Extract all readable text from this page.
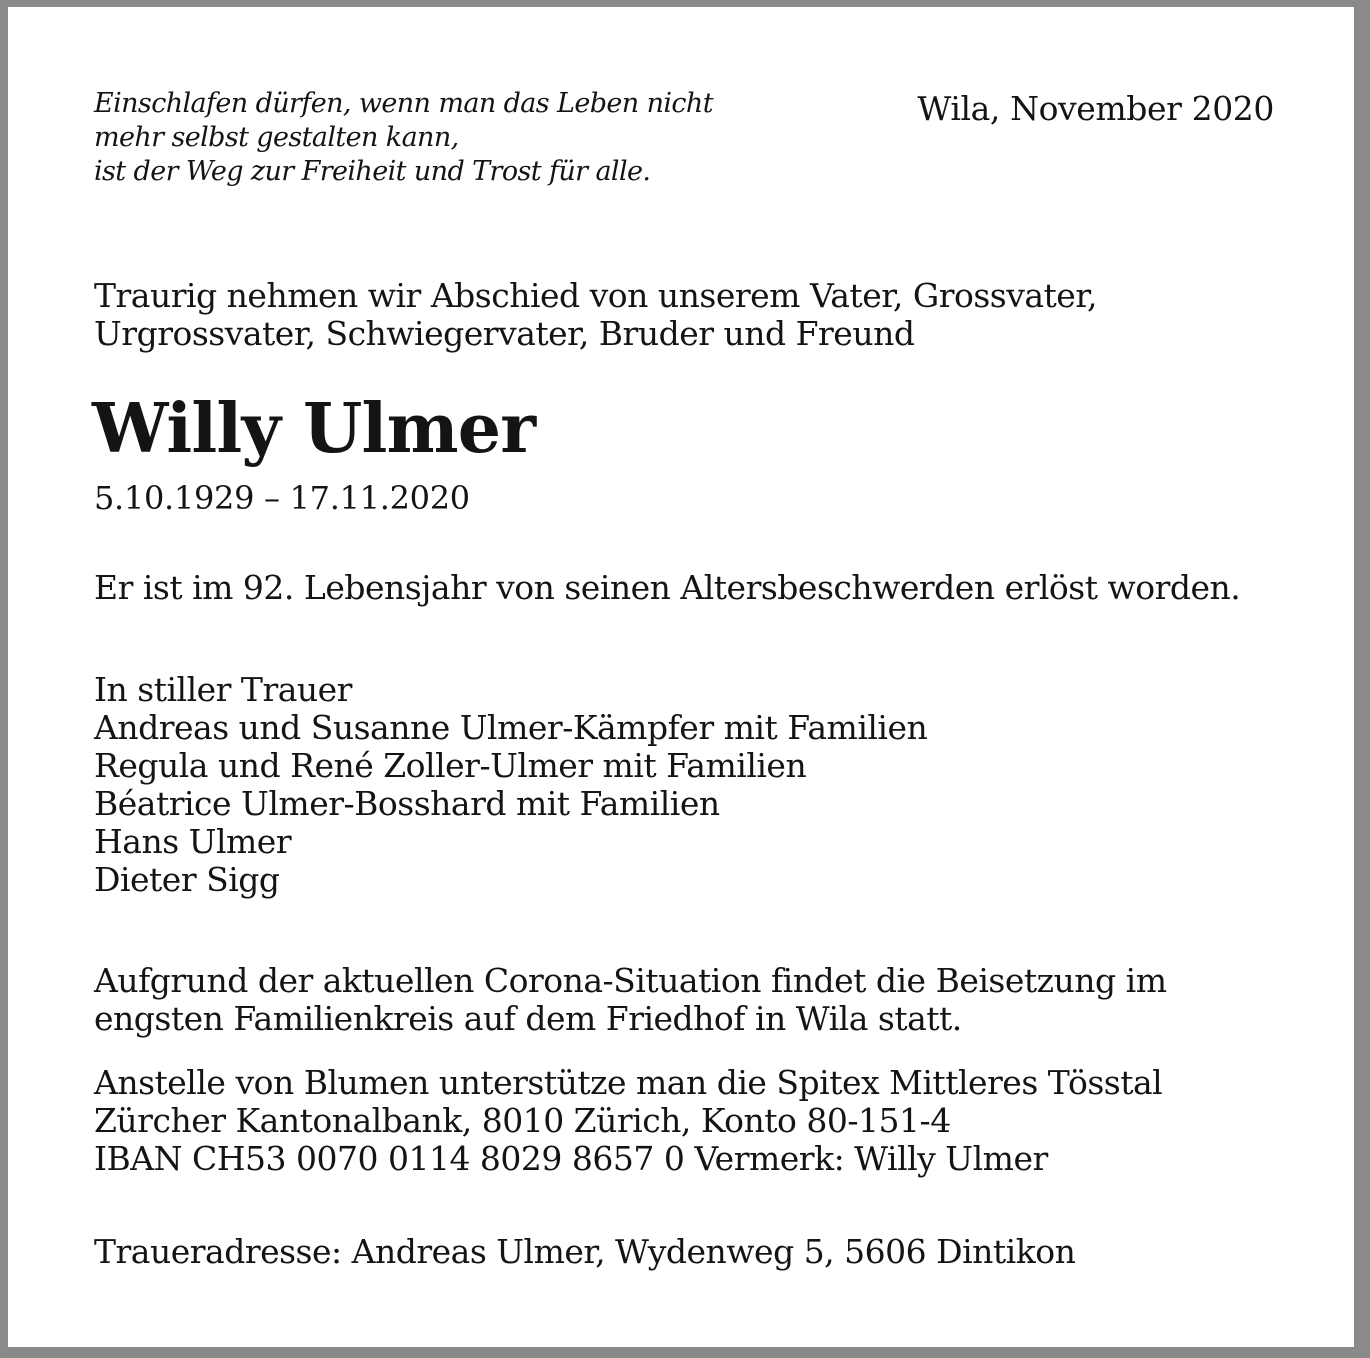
Einschlafen dürfen, wenn man das Leben nicht
mehr selbst gestalten kann,
ist der Weg zur Freiheit und Trost für alle.
Wila, November 2020
Traurig nehmen wir Abschied von unserem Vater, Grossvater,
Urgrossvater, Schwiegervater, Bruder und Freund
Willy Ulmer
5.10.1929 – 17.11.2020
Er ist im 92. Lebensjahr von seinen Altersbeschwerden erlöst worden.
In stiller Trauer
Andreas und Susanne Ulmer-Kämpfer mit Familien
Regula und René Zoller-Ulmer mit Familien
Béatrice Ulmer-Bosshard mit Familien
Hans Ulmer
Dieter Sigg
Aufgrund der aktuellen Corona-Situation findet die Beisetzung im
engsten Familienkreis auf dem Friedhof in Wila statt.
Anstelle von Blumen unterstütze man die Spitex Mittleres Tösstal
Zürcher Kantonalbank, 8010 Zürich, Konto 80-151-4
IBAN CH53 0070 0114 8029 8657 0 Vermerk: Willy Ulmer
Traueradresse: Andreas Ulmer, Wydenweg 5, 5606 Dintikon
